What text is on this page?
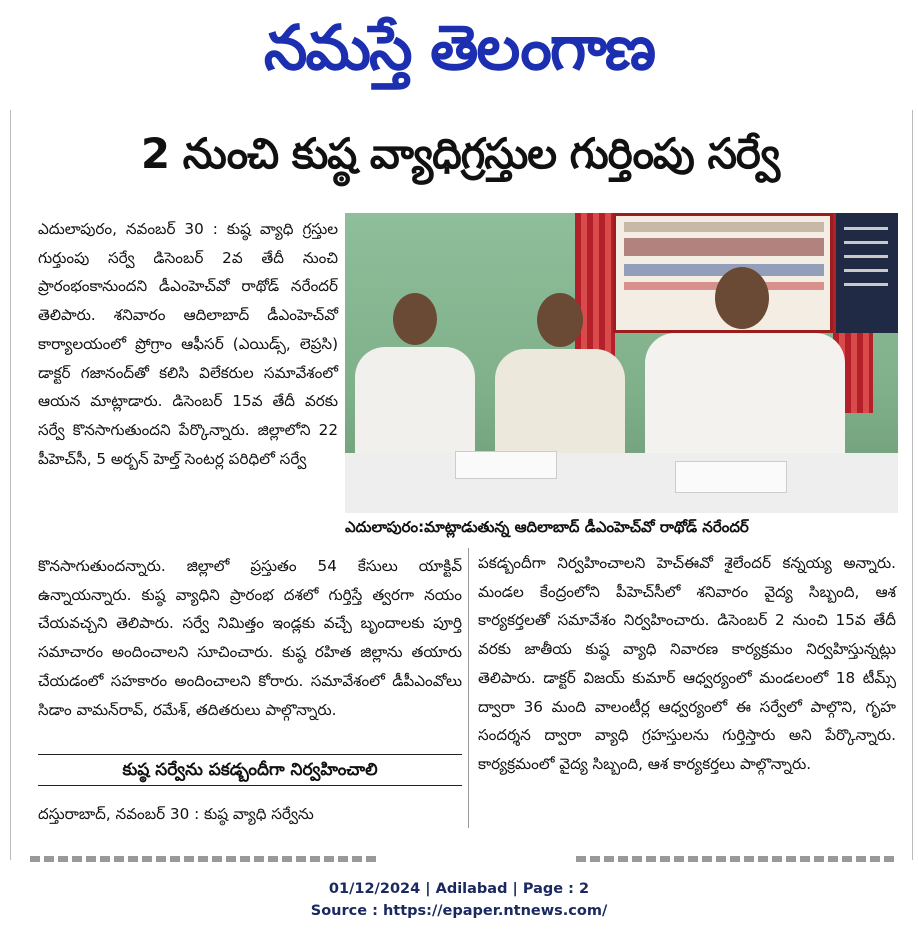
నమస్తే తెలంగాణ
2 నుంచి కుష్ఠ వ్యాధిగ్రస్తుల గుర్తింపు సర్వే

ఎదులాపురం, నవంబర్ 30 : కుష్ఠ వ్యాధి గ్రస్తుల గుర్తుంపు సర్వే డిసెంబర్ 2వ తేదీ నుంచి ప్రారంభంకానుందని డీఎంహెచ్‌వో రాథోడ్ నరేందర్ తెలిపారు. శనివారం ఆదిలాబాద్ డీఎంహెచ్‌వో కార్యాలయంలో ప్రోగ్రాం ఆఫీసర్ (ఎయిడ్స్, లెప్రసి) డాక్టర్ గజానంద్‌తో కలిసి విలేకరుల సమావేశంలో ఆయన మాట్లాడారు. డిసెంబర్ 15వ తేదీ వరకు సర్వే కొనసాగుతుందని పేర్కొన్నారు. జిల్లాలోని 22 పీహెచ్‌సీ, 5 అర్బన్ హెల్త్ సెంటర్ల పరిధిలో సర్వే

ఎదులాపురం:మాట్లాడుతున్న ఆదిలాబాద్ డీఎంహెచ్‌వో రాథోడ్ నరేందర్

కొనసాగుతుందన్నారు. జిల్లాలో ప్రస్తుతం 54 కేసులు యాక్టివ్ ఉన్నాయన్నారు. కుష్ఠ వ్యాధిని ప్రారంభ దశలో గుర్తిస్తే త్వరగా నయం చేయవచ్చని తెలిపారు. సర్వే నిమిత్తం ఇండ్లకు వచ్చే బృందాలకు పూర్తి సమాచారం అందించాలని సూచించారు. కుష్ఠ రహిత జిల్లాను తయారు చేయడంలో సహకారం అందించాలని కోరారు. సమావేశంలో డీపీఎంవోలు సిడాం వామన్‌రావ్, రమేశ్, తదితరులు పాల్గొన్నారు.

పకడ్బందీగా నిర్వహించాలని హెచ్‌ఈవో శైలేందర్ కన్నయ్య అన్నారు. మండల కేంద్రంలోని పీహెచ్‌సీలో శనివారం వైద్య సిబ్బంది, ఆశ కార్యకర్తలతో సమావేశం నిర్వహించారు. డిసెంబర్ 2 నుంచి 15వ తేదీ వరకు జాతీయ కుష్ఠ వ్యాధి నివారణ కార్యక్రమం నిర్వహిస్తున్నట్లు తెలిపారు. డాక్టర్ విజయ్ కుమార్ ఆధ్వర్యంలో మండలంలో 18 టీమ్స్ ద్వారా 36 మంది వాలంటీర్ల ఆధ్వర్యంలో ఈ సర్వేలో పాల్గొని, గృహ సందర్శన ద్వారా వ్యాధి గ్రహస్తులను గుర్తిస్తారు అని పేర్కొన్నారు. కార్యక్రమంలో వైద్య సిబ్బంది, ఆశ కార్యకర్తలు పాల్గొన్నారు.

కుష్ఠ సర్వేను పకడ్బందీగా నిర్వహించాలి
దస్తురాబాద్, నవంబర్ 30 : కుష్ఠ వ్యాధి సర్వేను
01/12/2024 | Adilabad | Page : 2
Source : https://epaper.ntnews.com/
